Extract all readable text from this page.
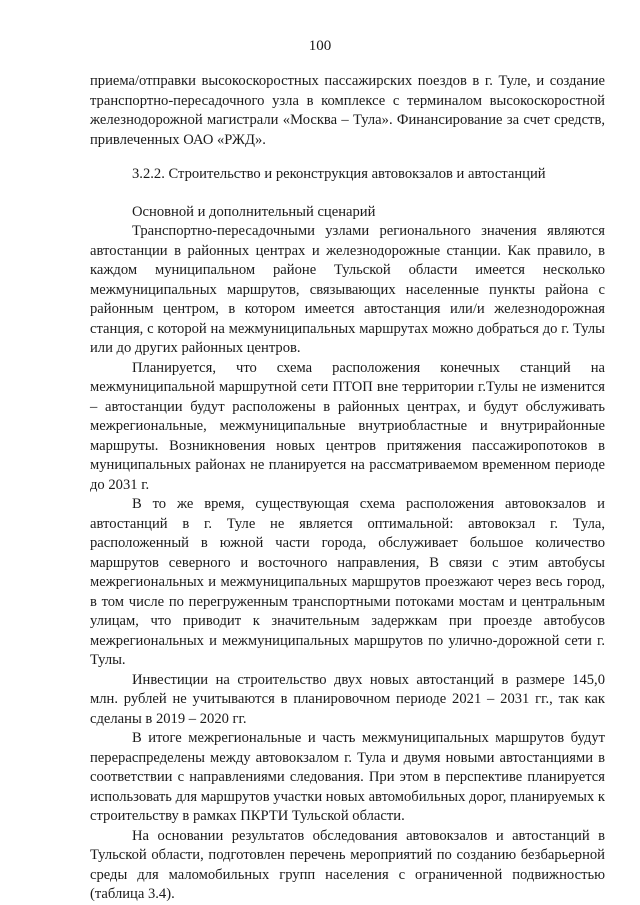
100

приема/отправки высокоскоростных пассажирских поездов в г. Туле, и создание транспортно-пересадочного узла в комплексе с терминалом высокоскоростной железнодорожной магистрали «Москва – Тула». Финансирование за счет средств, привлеченных ОАО «РЖД».

3.2.2. Строительство и реконструкция автовокзалов и автостанций

Основной и дополнительный сценарий

Транспортно-пересадочными узлами регионального значения являются автостанции в районных центрах и железнодорожные станции. Как правило, в каждом муниципальном районе Тульской области имеется несколько межмуниципальных маршрутов, связывающих населенные пункты района с районным центром, в котором имеется автостанция или/и железнодорожная станция, с которой на межмуниципальных маршрутах можно добраться до г. Тулы или до других районных центров.

Планируется, что схема расположения конечных станций на межмуниципальной маршрутной сети ПТОП вне территории г.Тулы не изменится – автостанции будут расположены в районных центрах, и будут обслуживать межрегиональные, межмуниципальные внутриобластные и внутрирайонные маршруты. Возникновения новых центров притяжения пассажиропотоков в муниципальных районах не планируется на рассматриваемом временном периоде до 2031 г.

В то же время, существующая схема расположения автовокзалов и автостанций в г. Туле не является оптимальной: автовокзал г. Тула, расположенный в южной части города, обслуживает большое количество маршрутов северного и восточного направления, В связи с этим автобусы межрегиональных и межмуниципальных маршрутов проезжают через весь город, в том числе по перегруженным транспортными потоками мостам и центральным улицам, что приводит к значительным задержкам при проезде автобусов межрегиональных и межмуниципальных маршрутов по улично-дорожной сети г. Тулы.

Инвестиции на строительство двух новых автостанций в размере 145,0 млн. рублей не учитываются в планировочном периоде 2021 – 2031 гг., так как сделаны в 2019 – 2020 гг.

В итоге межрегиональные и часть межмуниципальных маршрутов будут перераспределены между автовокзалом г. Тула и двумя новыми автостанциями в соответствии с направлениями следования. При этом в перспективе планируется использовать для маршрутов участки новых автомобильных дорог, планируемых к строительству в рамках ПКРТИ Тульской области.

На основании результатов обследования автовокзалов и автостанций в Тульской области, подготовлен перечень мероприятий по созданию безбарьерной среды для маломобильных групп населения с ограниченной подвижностью (таблица 3.4).
